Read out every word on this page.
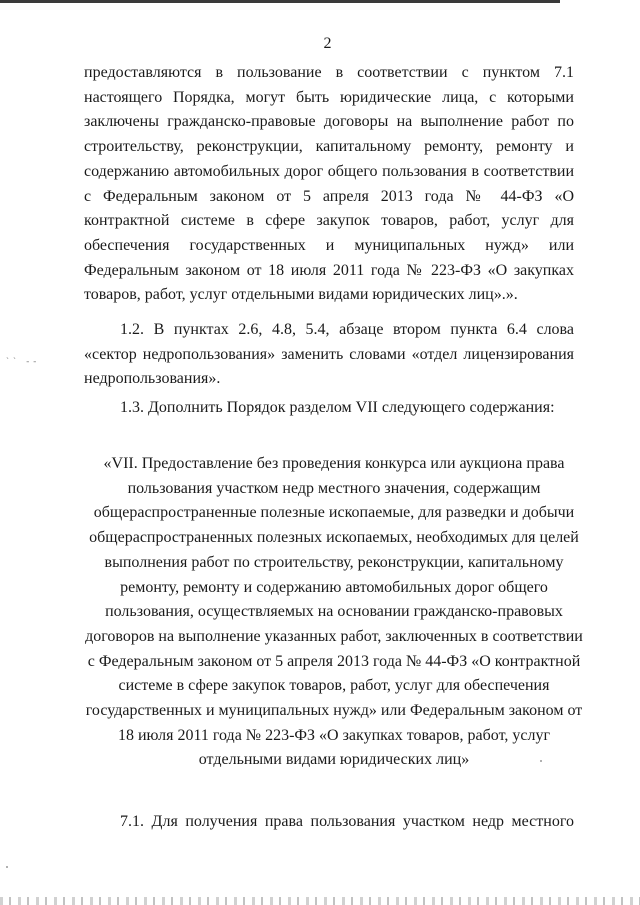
2
предоставляются в пользование в соответствии с пунктом 7.1 настоящего Порядка, могут быть юридические лица, с которыми заключены гражданско-правовые договоры на выполнение работ по строительству, реконструкции, капитальному ремонту, ремонту и содержанию автомобильных дорог общего пользования в соответствии с Федеральным законом от 5 апреля 2013 года № 44-ФЗ «О контрактной системе в сфере закупок товаров, работ, услуг для обеспечения государственных и муниципальных нужд» или Федеральным законом от 18 июля 2011 года № 223-ФЗ «О закупках товаров, работ, услуг отдельными видами юридических лиц».».
1.2. В пунктах 2.6, 4.8, 5.4, абзаце втором пункта 6.4 слова «сектор недропользования» заменить словами «отдел лицензирования недропользования».
1.3. Дополнить Порядок разделом VII следующего содержания:
«VII. Предоставление без проведения конкурса или аукциона права пользования участком недр местного значения, содержащим общераспространенные полезные ископаемые, для разведки и добычи общераспространенных полезных ископаемых, необходимых для целей выполнения работ по строительству, реконструкции, капитальному ремонту, ремонту и содержанию автомобильных дорог общего пользования, осуществляемых на основании гражданско-правовых договоров на выполнение указанных работ, заключенных в соответствии с Федеральным законом от 5 апреля 2013 года № 44-ФЗ «О контрактной системе в сфере закупок товаров, работ, услуг для обеспечения государственных и муниципальных нужд» или Федеральным законом от 18 июля 2011 года № 223-ФЗ «О закупках товаров, работ, услуг отдельными видами юридических лиц»
7.1. Для получения права пользования участком недр местного
`` --
